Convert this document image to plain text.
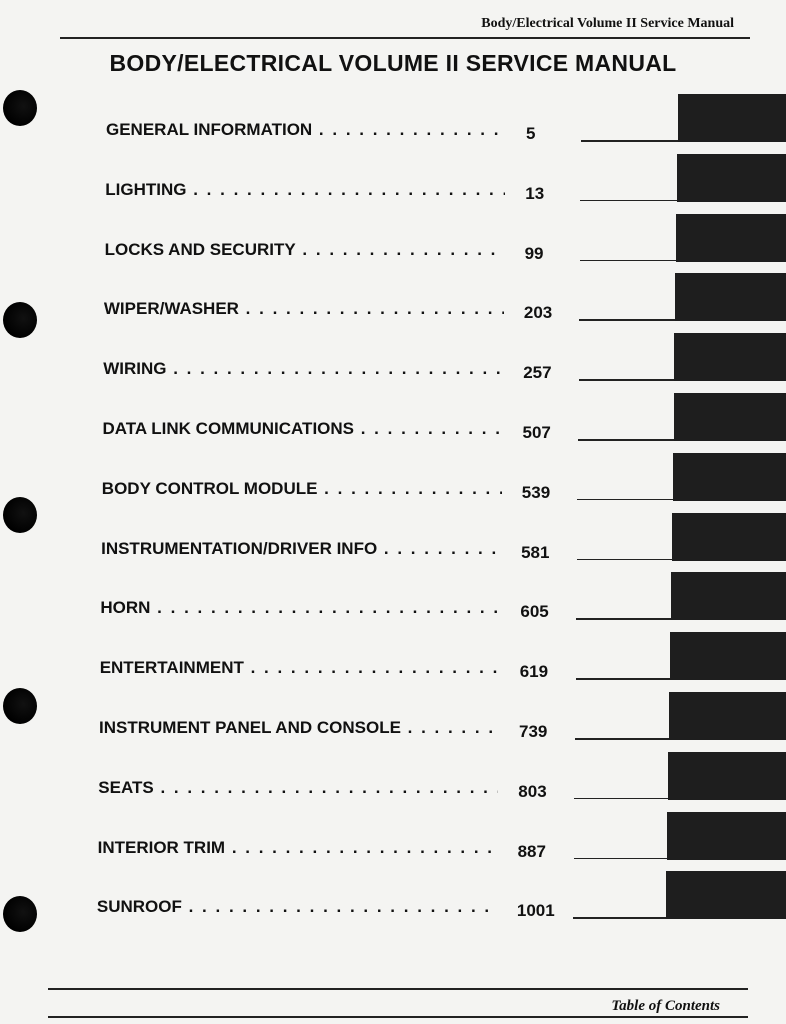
Body/Electrical Volume II Service Manual
BODY/ELECTRICAL VOLUME II SERVICE MANUAL
GENERAL INFORMATION . . .	5
LIGHTING . . .	13
LOCKS AND SECURITY . . .	99
WIPER/WASHER . . .	203
WIRING . . .	257
DATA LINK COMMUNICATIONS . . .	507
BODY CONTROL MODULE . . .	539
INSTRUMENTATION/DRIVER INFO . . .	581
HORN . . .	605
ENTERTAINMENT . . .	619
INSTRUMENT PANEL AND CONSOLE . . .	739
SEATS . . .	803
INTERIOR TRIM . . .	887
SUNROOF . . .	1001
Table of Contents
